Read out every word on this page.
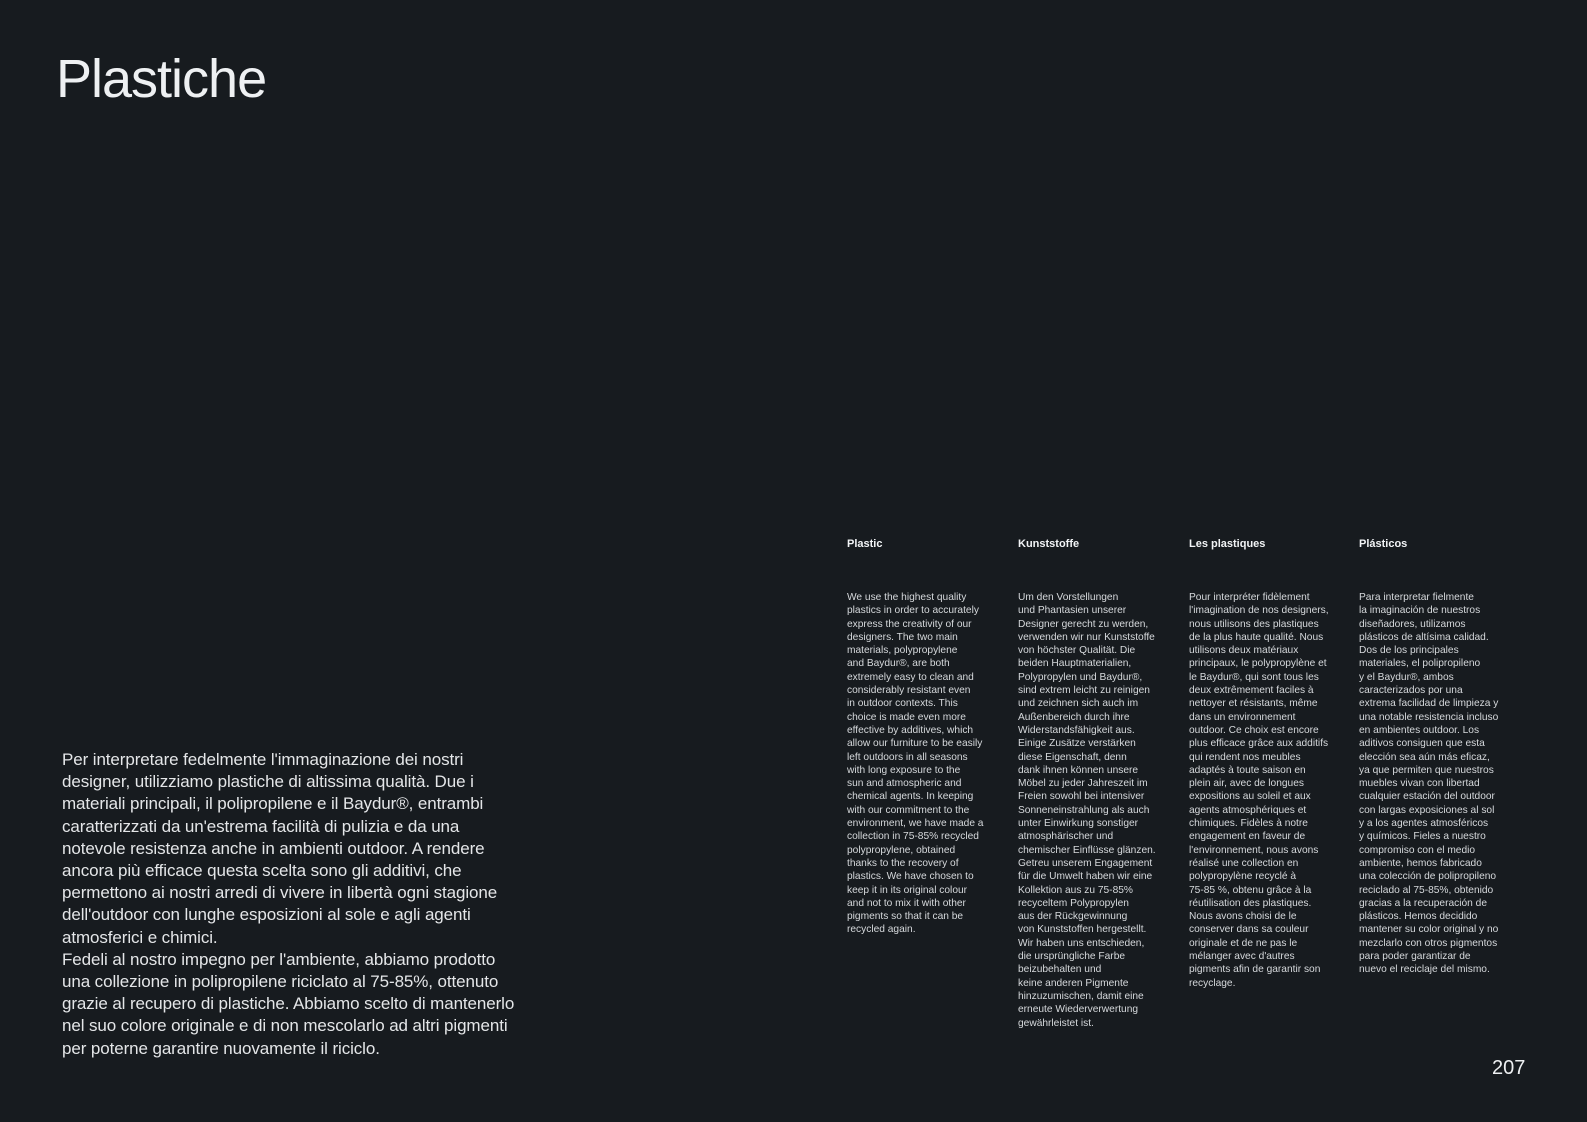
Plastiche

Per interpretare fedelmente l'immaginazione dei nostri designer, utilizziamo plastiche di altissima qualità. Due i materiali principali, il polipropilene e il Baydur®, entrambi caratterizzati da un'estrema facilità di pulizia e da una notevole resistenza anche in ambienti outdoor. A rendere ancora più efficace questa scelta sono gli additivi, che permettono ai nostri arredi di vivere in libertà ogni stagione dell'outdoor con lunghe esposizioni al sole e agli agenti atmosferici e chimici.

Fedeli al nostro impegno per l'ambiente, abbiamo prodotto una collezione in polipropilene riciclato al 75-85%, ottenuto grazie al recupero di plastiche. Abbiamo scelto di mantenerlo nel suo colore originale e di non mescolarlo ad altri pigmenti per poterne garantire nuovamente il riciclo.

Plastic
We use the highest quality
plastics in order to accurately
express the creativity of our
designers. The two main
materials, polypropylene
and Baydur®, are both
extremely easy to clean and
considerably resistant even
in outdoor contexts. This
choice is made even more
effective by additives, which
allow our furniture to be easily
left outdoors in all seasons
with long exposure to the
sun and atmospheric and
chemical agents. In keeping
with our commitment to the
environment, we have made a
collection in 75-85% recycled
polypropylene, obtained
thanks to the recovery of
plastics. We have chosen to
keep it in its original colour
and not to mix it with other
pigments so that it can be
recycled again.
Kunststoffe
Um den Vorstellungen
und Phantasien unserer
Designer gerecht zu werden,
verwenden wir nur Kunststoffe
von höchster Qualität. Die
beiden Hauptmaterialien,
Polypropylen und Baydur®,
sind extrem leicht zu reinigen
und zeichnen sich auch im
Außenbereich durch ihre
Widerstandsfähigkeit aus.
Einige Zusätze verstärken
diese Eigenschaft, denn
dank ihnen können unsere
Möbel zu jeder Jahreszeit im
Freien sowohl bei intensiver
Sonneneinstrahlung als auch
unter Einwirkung sonstiger
atmosphärischer und
chemischer Einflüsse glänzen.
Getreu unserem Engagement
für die Umwelt haben wir eine
Kollektion aus zu 75-85%
recyceltem Polypropylen
aus der Rückgewinnung
von Kunststoffen hergestellt.
Wir haben uns entschieden,
die ursprüngliche Farbe
beizubehalten und
keine anderen Pigmente
hinzuzumischen, damit eine
erneute Wiederverwertung
gewährleistet ist.
Les plastiques
Pour interpréter fidèlement
l'imagination de nos designers,
nous utilisons des plastiques
de la plus haute qualité. Nous
utilisons deux matériaux
principaux, le polypropylène et
le Baydur®, qui sont tous les
deux extrêmement faciles à
nettoyer et résistants, même
dans un environnement
outdoor. Ce choix est encore
plus efficace grâce aux additifs
qui rendent nos meubles
adaptés à toute saison en
plein air, avec de longues
expositions au soleil et aux
agents atmosphériques et
chimiques. Fidèles à notre
engagement en faveur de
l'environnement, nous avons
réalisé une collection en
polypropylène recyclé à
75-85 %, obtenu grâce à la
réutilisation des plastiques.
Nous avons choisi de le
conserver dans sa couleur
originale et de ne pas le
mélanger avec d'autres
pigments afin de garantir son
recyclage.
Plásticos
Para interpretar fielmente
la imaginación de nuestros
diseñadores, utilizamos
plásticos de altísima calidad.
Dos de los principales
materiales, el polipropileno
y el Baydur®, ambos
caracterizados por una
extrema facilidad de limpieza y
una notable resistencia incluso
en ambientes outdoor. Los
aditivos consiguen que esta
elección sea aún más eficaz,
ya que permiten que nuestros
muebles vivan con libertad
cualquier estación del outdoor
con largas exposiciones al sol
y a los agentes atmosféricos
y químicos. Fieles a nuestro
compromiso con el medio
ambiente, hemos fabricado
una colección de polipropileno
reciclado al 75-85%, obtenido
gracias a la recuperación de
plásticos. Hemos decidido
mantener su color original y no
mezclarlo con otros pigmentos
para poder garantizar de
nuevo el reciclaje del mismo.
207
